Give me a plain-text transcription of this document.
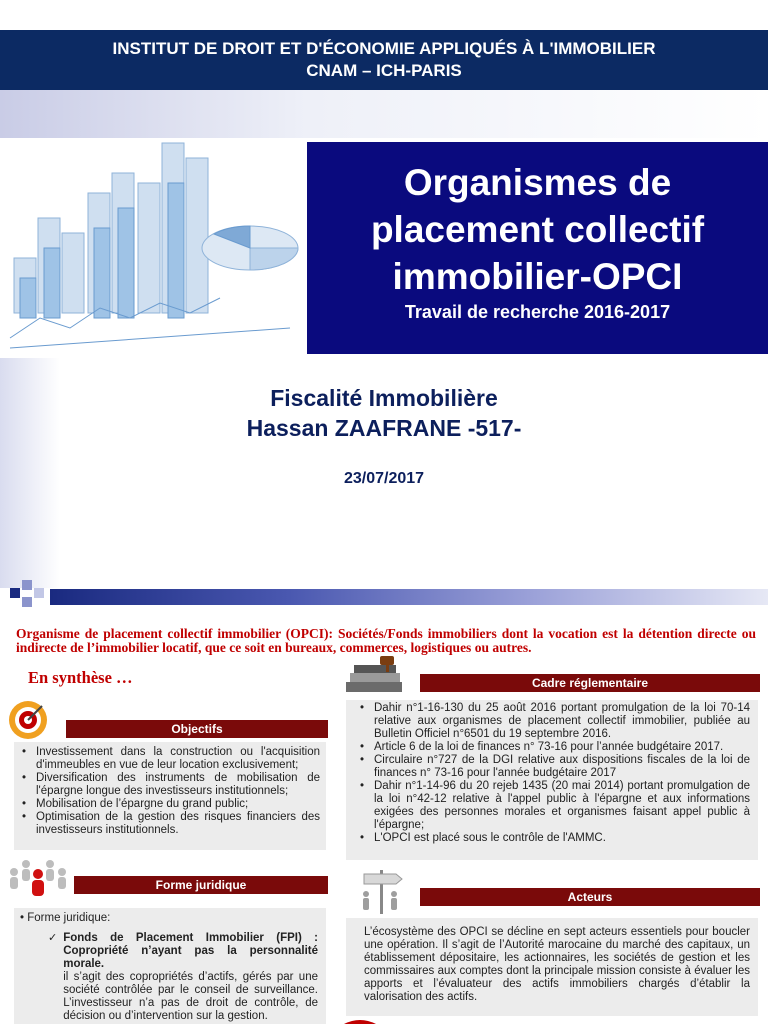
INSTITUT DE DROIT ET D'ÉCONOMIE APPLIQUÉS À L'IMMOBILIER
CNAM – ICH-PARIS
Organismes de
placement collectif
immobilier-OPCI
Travail de recherche 2016-2017
Fiscalité Immobilière
Hassan ZAAFRANE -517-
23/07/2017
Organisme de placement collectif immobilier (OPCI): Sociétés/Fonds immobiliers dont la vocation est la détention directe ou indirecte de l’immobilier locatif, que ce soit en bureaux, commerces, logistiques ou autres.
En synthèse …
Objectifs
• Investissement dans la construction ou l'acquisition d'immeubles en vue de leur location exclusivement;
• Diversification des instruments de mobilisation de l'épargne longue des investisseurs institutionnels;
• Mobilisation de l’épargne du grand public;
• Optimisation de la gestion des risques financiers des investisseurs institutionnels.
Cadre réglementaire
• Dahir n°1-16-130 du 25 août 2016 portant promulgation de la loi 70-14 relative aux organismes de placement collectif immobilier, publiée au Bulletin Officiel n°6501 du 19 septembre 2016.
• Article 6 de la loi de finances n° 73-16 pour l’année budgétaire 2017.
• Circulaire n°727 de la DGI relative aux dispositions fiscales de la loi de finances n° 73-16 pour l'année budgétaire 2017
• Dahir n°1-14-96 du 20 rejeb 1435 (20 mai 2014) portant promulgation de la loi n°42-12 relative à l'appel public à l'épargne et aux informations exigées des personnes morales et organismes faisant appel public à l'épargne;
• L'OPCI est placé sous le contrôle de l'AMMC.
Forme juridique
• Forme juridique:
✓ Fonds de Placement Immobilier (FPI) : Copropriété n’ayant pas la personnalité morale.
il s’agit des copropriétés d’actifs, gérés par une société contrôlée par le conseil de surveillance. L’investisseur n’a pas de droit de contrôle, de décision ou d’intervention sur la gestion.
Acteurs
L’écosystème des OPCI se décline en sept acteurs essentiels pour boucler une opération. Il s’agit de l’Autorité marocaine du marché des capitaux, un établissement dépositaire, les actionnaires, les sociétés de gestion et les commissaires aux comptes dont la principale mission consiste à évaluer les apports et l’évaluateur des actifs immobiliers chargés d’établir la valorisation des actifs.
